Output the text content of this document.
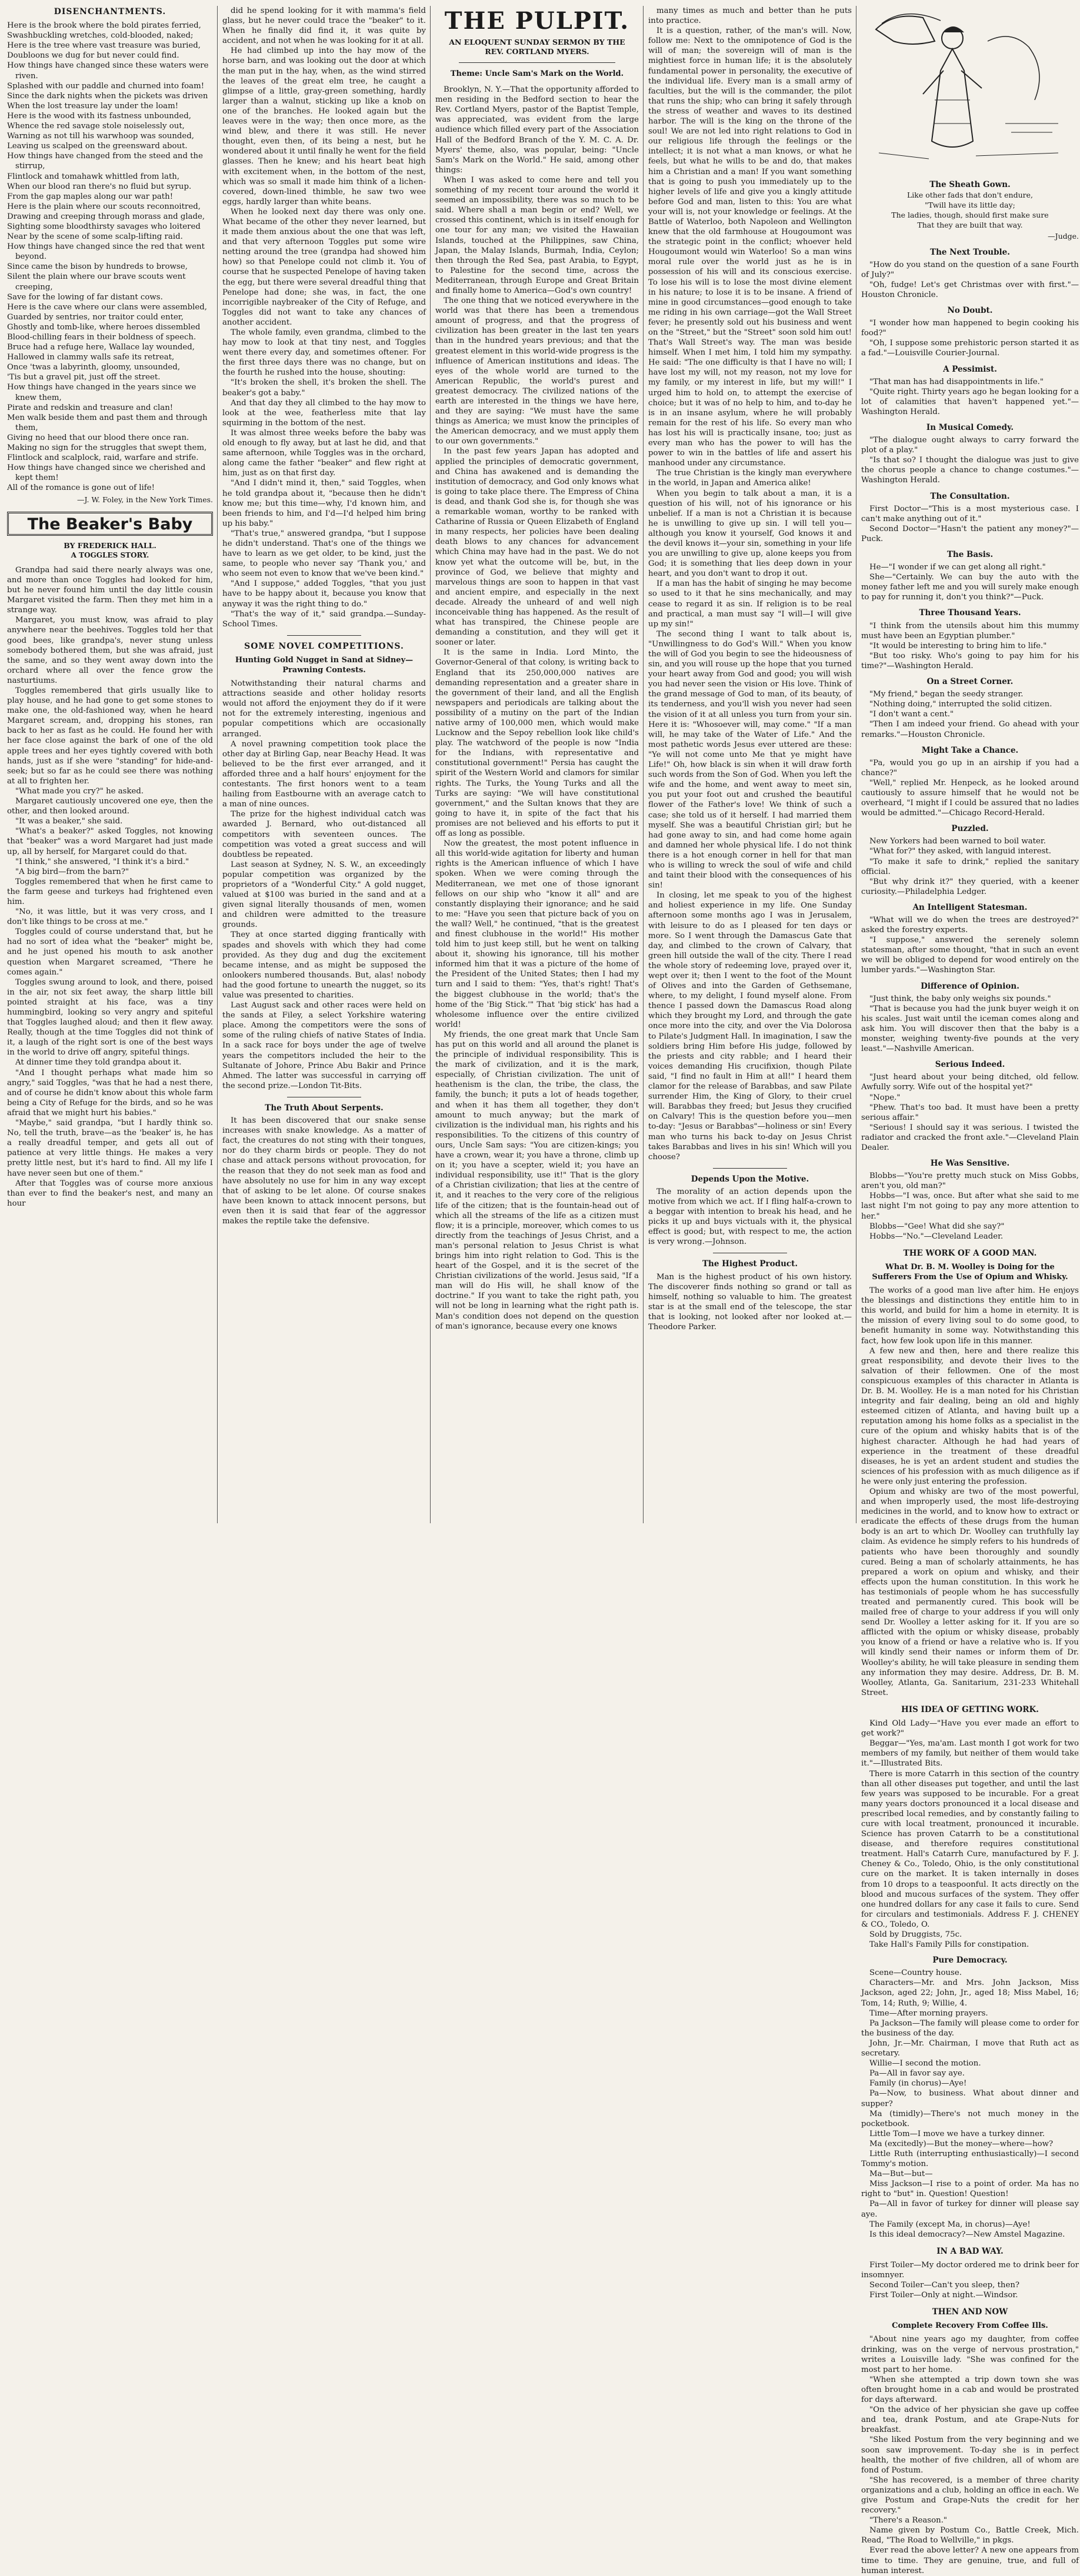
DISENCHANTMENTS.

Here is the brook where the bold pirates ferried,

Swashbuckling wretches, cold-blooded, naked;

Here is the tree where vast treasure was buried,

Doubloons we dug for but never could find.

How things have changed since these waters were riven.

Splashed with our paddle and churned into foam!

Since the dark nights when the pickets was driven

When the lost treasure lay under the loam!

Here is the wood with its fastness unbounded,

Whence the red savage stole noiselessly out,

Warning as not till his warwhoop was sounded,

Leaving us scalped on the greensward about.

How things have changed from the steed and the stirrup,

Flintlock and tomahawk whittled from lath,

When our blood ran there's no fluid but syrup.

From the gap maples along our war path!

Here is the plain where our scouts reconnoitred,

Drawing and creeping through morass and glade,

Sighting some bloodthirsty savages who loitered

Near by the scene of some scalp-lifting raid.

How things have changed since the red that went beyond.

Since came the bison by hundreds to browse,

Silent the plain where our brave scouts went creeping,

Save for the lowing of far distant cows.

Here is the cave where our clans were assembled,

Guarded by sentries, nor traitor could enter,

Ghostly and tomb-like, where heroes dissembled

Blood-chilling fears in their boldness of speech.

Bruce had a refuge here, Wallace lay wounded,

Hallowed in clammy walls safe its retreat,

Once 'twas a labyrinth, gloomy, unsounded,

'Tis but a gravel pit, just off the street.

How things have changed in the years since we knew them,

Pirate and redskin and treasure and clan!

Men walk beside them and past them and through them,

Giving no heed that our blood there once ran.

Making no sign for the struggles that swept them,

Flintlock and scalplock, raid, warfare and strife.

How things have changed since we cherished and kept them!

All of the romance is gone out of life!

—J. W. Foley, in the New York Times.
The Beaker's Baby
BY FREDERICK HALL.
A TOGGLES STORY.

Grandpa had said there nearly always was one, and more than once Toggles had looked for him, but he never found him until the day little cousin Margaret visited the farm. Then they met him in a strange way.

Margaret, you must know, was afraid to play anywhere near the beehives. Toggles told her that good bees, like grandpa's, never stung unless somebody bothered them, but she was afraid, just the same, and so they went away down into the orchard where all over the fence grow the nasturtiums.

Toggles remembered that girls usually like to play house, and he had gone to get some stones to make one, the old-fashioned way, when he heard Margaret scream, and, dropping his stones, ran back to her as fast as he could. He found her with her face close against the bark of one of the old apple trees and her eyes tightly covered with both hands, just as if she were "standing" for hide-and-seek; but so far as he could see there was nothing at all to frighten her.

"What made you cry?" he asked.

Margaret cautiously uncovered one eye, then the other, and then looked around.

"It was a beaker," she said.

"What's a beaker?" asked Toggles, not knowing that "beaker" was a word Margaret had just made up, all by herself, for Margaret could do that.

"I think," she answered, "I think it's a bird."

"A big bird—from the barn?"

Toggles remembered that when he first came to the farm geese and turkeys had frightened even him.

"No, it was little, but it was very cross, and I don't like things to be cross at me."

Toggles could of course understand that, but he had no sort of idea what the "beaker" might be, and he just opened his mouth to ask another question when Margaret screamed, "There he comes again."

Toggles swung around to look, and there, poised in the air, not six feet away, the sharp little bill pointed straight at his face, was a tiny hummingbird, looking so very angry and spiteful that Toggles laughed aloud; and then it flew away. Really, though at the time Toggles did not think of it, a laugh of the right sort is one of the best ways in the world to drive off angry, spiteful things.

At dinner time they told grandpa about it.

"And I thought perhaps what made him so angry," said Toggles, "was that he had a nest there, and of course he didn't know about this whole farm being a City of Refuge for the birds, and so he was afraid that we might hurt his babies."

"Maybe," said grandpa, "but I hardly think so. No, tell the truth, brave—as the 'beaker' is, he has a really dreadful temper, and gets all out of patience at very little things. He makes a very pretty little nest, but it's hard to find. All my life I have never seen but one of them."

After that Toggles was of course more anxious than ever to find the beaker's nest, and many an hour

did he spend looking for it with mamma's field glass, but he never could trace the "beaker" to it. When he finally did find it, it was quite by accident, and not when he was looking for it at all.

He had climbed up into the hay mow of the horse barn, and was looking out the door at which the man put in the hay, when, as the wind stirred the leaves of the great elm tree, he caught a glimpse of a little, gray-green something, hardly larger than a walnut, sticking up like a knob on one of the branches. He looked again but the leaves were in the way; then once more, as the wind blew, and there it was still. He never thought, even then, of its being a nest, but he wondered about it until finally he went for the field glasses. Then he knew; and his heart beat high with excitement when, in the bottom of the nest, which was so small it made him think of a lichen-covered, down-lined thimble, he saw two wee eggs, hardly larger than white beans.

When he looked next day there was only one. What became of the other they never learned, but it made them anxious about the one that was left, and that very afternoon Toggles put some wire netting around the tree (grandpa had showed him how) so that Penelope could not climb it. You of course that he suspected Penelope of having taken the egg, but there were several dreadful thing that Penelope had done; she was, in fact, the one incorrigible naybreaker of the City of Refuge, and Toggles did not want to take any chances of another accident.

The whole family, even grandma, climbed to the hay mow to look at that tiny nest, and Toggles went there every day, and sometimes oftener. For the first three days there was no change, but on the fourth he rushed into the house, shouting:

"It's broken the shell, it's broken the shell. The beaker's got a baby."

And that day they all climbed to the hay mow to look at the wee, featherless mite that lay squirming in the bottom of the nest.

It was almost three weeks before the baby was old enough to fly away, but at last he did, and that same afternoon, while Toggles was in the orchard, along came the father "beaker" and flew right at him, just as on that first day.

"And I didn't mind it, then," said Toggles, when he told grandpa about it, "because then he didn't know me; but this time—why, I'd known him, and been friends to him, and I'd—I'd helped him bring up his baby."

"That's true," answered grandpa, "but I suppose he didn't understand. That's one of the things we have to learn as we get older, to be kind, just the same, to people who never say 'Thank you,' and who seem not even to know that we've been kind."

"And I suppose," added Toggles, "that you just have to be happy about it, because you know that anyway it was the right thing to do."

"That's the way of it," said grandpa.—Sunday-School Times.

SOME NOVEL COMPETITIONS.
Hunting Gold Nugget in Sand at Sidney—Prawning Contests.

Notwithstanding their natural charms and attractions seaside and other holiday resorts would not afford the enjoyment they do if it were not for the extremely interesting, ingenious and popular competitions which are occasionally arranged.

A novel prawning competition took place the other day at Birling Gap, near Beachy Head. It was believed to be the first ever arranged, and it afforded three and a half hours' enjoyment for the contestants. The first honors went to a team hailing from Eastbourne with an average catch to a man of nine ounces.

The prize for the highest individual catch was awarded J. Bernard, who out-distanced all competitors with seventeen ounces. The competition was voted a great success and will doubtless be repeated.

Last season at Sydney, N. S. W., an exceedingly popular competition was organized by the proprietors of a "Wonderful City." A gold nugget, valued at $100 was buried in the sand and at a given signal literally thousands of men, women and children were admitted to the treasure grounds.

They at once started digging frantically with spades and shovels with which they had come provided. As they dug and dug the excitement became intense, and as might be supposed the onlookers numbered thousands. But, alas! nobody had the good fortune to unearth the nugget, so its value was presented to charities.

Last August sack and other races were held on the sands at Filey, a select Yorkshire watering place. Among the competitors were the sons of some of the ruling chiefs of native States of India. In a sack race for boys under the age of twelve years the competitors included the heir to the Sultanate of Johore, Prince Abu Bakir and Prince Ahmed. The latter was successful in carrying off the second prize.—London Tit-Bits.

The Truth About Serpents.

It has been discovered that our snake sense increases with snake knowledge. As a matter of fact, the creatures do not sting with their tongues, nor do they charm birds or people. They do not chase and attack persons without provocation, for the reason that they do not seek man as food and have absolutely no use for him in any way except that of asking to be let alone. Of course snakes have been known to attack innocent persons, but even then it is said that fear of the aggressor makes the reptile take the defensive.

THE PULPIT.
AN ELOQUENT SUNDAY SERMON BY THE REV. CORTLAND MYERS.
Theme: Uncle Sam's Mark on the World.

Brooklyn, N. Y.—That the opportunity afforded to men residing in the Bedford section to hear the Rev. Cortland Myers, pastor of the Baptist Temple, was appreciated, was evident from the large audience which filled every part of the Association Hall of the Bedford Branch of the Y. M. C. A. Dr. Myers' theme, also, was popular, being: "Uncle Sam's Mark on the World." He said, among other things:

When I was asked to come here and tell you something of my recent tour around the world it seemed an impossibility, there was so much to be said. Where shall a man begin or end? Well, we crossed this continent, which is in itself enough for one tour for any man; we visited the Hawaiian Islands, touched at the Philippines, saw China, Japan, the Malay Islands, Burmah, India, Ceylon; then through the Red Sea, past Arabia, to Egypt, to Palestine for the second time, across the Mediterranean, through Europe and Great Britain and finally home to America—God's own country!

The one thing that we noticed everywhere in the world was that there has been a tremendous amount of progress, and that the progress of civilization has been greater in the last ten years than in the hundred years previous; and that the greatest element in this world-wide progress is the influence of American institutions and ideas. The eyes of the whole world are turned to the American Republic, the world's purest and greatest democracy. The civilized nations of the earth are interested in the things we have here, and they are saying: "We must have the same things as America; we must know the principles of the American democracy, and we must apply them to our own governments."

In the past few years Japan has adopted and applied the principles of democratic government, and China has awakened and is demanding the institution of democracy, and God only knows what is going to take place there. The Empress of China is dead, and thank God she is, for though she was a remarkable woman, worthy to be ranked with Catharine of Russia or Queen Elizabeth of England in many respects, her policies have been dealing death blows to any chances for advancement which China may have had in the past. We do not know yet what the outcome will be, but, in the province of God, we believe that mighty and marvelous things are soon to happen in that vast and ancient empire, and especially in the next decade. Already the unheard of and well nigh inconceivable thing has happened. As the result of what has transpired, the Chinese people are demanding a constitution, and they will get it sooner or later.

It is the same in India. Lord Minto, the Governor-General of that colony, is writing back to England that its 250,000,000 natives are demanding representation and a greater share in the government of their land, and all the English newspapers and periodicals are talking about the possibility of a mutiny on the part of the Indian native army of 100,000 men, which would make Lucknow and the Sepoy rebellion look like child's play. The watchword of the people is now "India for the Indians, with representative and constitutional government!" Persia has caught the spirit of the Western World and clamors for similar rights. The Turks, the Young Turks and all the Turks are saying: "We will have constitutional government," and the Sultan knows that they are going to have it, in spite of the fact that his promises are not believed and his efforts to put it off as long as possible.

Now the greatest, the most potent influence in all this world-wide agitation for liberty and human rights is the American influence of which I have spoken. When we were coming through the Mediterranean, we met one of those ignorant fellows on our ship who "know it all" and are constantly displaying their ignorance; and he said to me: "Have you seen that picture back of you on the wall? Well," he continued, "that is the greatest and finest clubhouse in the world!" His mother told him to just keep still, but he went on talking about it, showing his ignorance, till his mother informed him that it was a picture of the home of the President of the United States; then I had my turn and I said to them: "Yes, that's right! That's the biggest clubhouse in the world; that's the home of the 'Big Stick.'" That 'big stick' has had a wholesome influence over the entire civilized world!

My friends, the one great mark that Uncle Sam has put on this world and all around the planet is the principle of individual responsibility. This is the mark of civilization, and it is the mark, especially, of Christian civilization. The unit of heathenism is the clan, the tribe, the class, the family, the bunch; it puts a lot of heads together, and when it has them all together, they don't amount to much anyway; but the mark of civilization is the individual man, his rights and his responsibilities. To the citizens of this country of ours, Uncle Sam says: "You are citizen-kings; you have a crown, wear it; you have a throne, climb up on it; you have a scepter, wield it; you have an individual responsibility, use it!" That is the glory of a Christian civilization; that lies at the centre of it, and it reaches to the very core of the religious life of the citizen; that is the fountain-head out of which all the streams of the life as a citizen must flow; it is a principle, moreover, which comes to us directly from the teachings of Jesus Christ, and a man's personal relation to Jesus Christ is what brings him into right relation to God. This is the heart of the Gospel, and it is the secret of the Christian civilizations of the world. Jesus said, "If a man will do His will, he shall know of the doctrine." If you want to take the right path, you will not be long in learning what the right path is. Man's condition does not depend on the question of man's ignorance, because every one knows

many times as much and better than he puts into practice.

It is a question, rather, of the man's will. Now, follow me: Next to the omnipotence of God is the will of man; the sovereign will of man is the mightiest force in human life; it is the absolutely fundamental power in personality, the executive of the individual life. Every man is a small army of faculties, but the will is the commander, the pilot that runs the ship; who can bring it safely through the stress of weather and waves to its destined harbor. The will is the king on the throne of the soul! We are not led into right relations to God in our religious life through the feelings or the intellect; it is not what a man knows, or what he feels, but what he wills to be and do, that makes him a Christian and a man! If you want something that is going to push you immediately up to the higher levels of life and give you a kingly attitude before God and man, listen to this: You are what your will is, not your knowledge or feelings. At the Battle of Waterloo, both Napoleon and Wellington knew that the old farmhouse at Hougoumont was the strategic point in the conflict; whoever held Hougoumont would win Waterloo! So a man wins moral rule over the world just as he is in possession of his will and its conscious exercise. To lose his will is to lose the most divine element in his nature; to lose it is to be insane. A friend of mine in good circumstances—good enough to take me riding in his own carriage—got the Wall Street fever; he presently sold out his business and went on the "Street," but the "Street" soon sold him out! That's Wall Street's way. The man was beside himself. When I met him, I told him my sympathy. He said: "The one difficulty is that I have no will; I have lost my will, not my reason, not my love for my family, or my interest in life, but my will!" I urged him to hold on, to attempt the exercise of choice; but it was of no help to him, and to-day he is in an insane asylum, where he will probably remain for the rest of his life. So every man who has lost his will is practically insane, too; just as every man who has the power to will has the power to win in the battles of life and assert his manhood under any circumstance.

The true Christian is the kingly man everywhere in the world, in Japan and America alike!

When you begin to talk about a man, it is a question of his will, not of his ignorance or his unbelief. If a man is not a Christian it is because he is unwilling to give up sin. I will tell you—although you know it yourself, God knows it and the devil knows it—your sin, something in your life you are unwilling to give up, alone keeps you from God; it is something that lies deep down in your heart, and you don't want to drop it out.

If a man has the habit of singing he may become so used to it that he sins mechanically, and may cease to regard it as sin. If religion is to be real and practical, a man must say "I will—I will give up my sin!"

The second thing I want to talk about is, "Unwillingness to do God's Will." When you know the will of God you begin to see the hideousness of sin, and you will rouse up the hope that you turned your heart away from God and good; you will wish you had never seen the vision or His love. Think of the grand message of God to man, of its beauty, of its tenderness, and you'll wish you never had seen the vision of it at all unless you turn from your sin. Here it is: "Whosoever will, may come." "If a man will, he may take of the Water of Life." And the most pathetic words Jesus ever uttered are these: "Ye will not come unto Me that ye might have Life!" Oh, how black is sin when it will draw forth such words from the Son of God. When you left the wife and the home, and went away to meet sin, you put your foot out and crushed the beautiful flower of the Father's love! We think of such a case; she told us of it herself. I had married them myself. She was a beautiful Christian girl; but he had gone away to sin, and had come home again and damned her whole physical life. I do not think there is a hot enough corner in hell for that man who is willing to wreck the soul of wife and child and taint their blood with the consequences of his sin!

In closing, let me speak to you of the highest and holiest experience in my life. One Sunday afternoon some months ago I was in Jerusalem, with leisure to do as I pleased for ten days or more. So I went through the Damascus Gate that day, and climbed to the crown of Calvary, that green hill outside the wall of the city. There I read the whole story of redeeming love, prayed over it, wept over it; then I went to the foot of the Mount of Olives and into the Garden of Gethsemane, where, to my delight, I found myself alone. From thence I passed down the Damascus Road along which they brought my Lord, and through the gate once more into the city, and over the Via Dolorosa to Pilate's Judgment Hall. In imagination, I saw the soldiers bring Him before His judge, followed by the priests and city rabble; and I heard their voices demanding His crucifixion, though Pilate said, "I find no fault in Him at all!" I heard them clamor for the release of Barabbas, and saw Pilate surrender Him, the King of Glory, to their cruel will. Barabbas they freed; but Jesus they crucified on Calvary! This is the question before you—men to-day: "Jesus or Barabbas"—holiness or sin! Every man who turns his back to-day on Jesus Christ takes Barabbas and lives in his sin! Which will you choose?

Depends Upon the Motive.

The morality of an action depends upon the motive from which we act. If I fling half-a-crown to a beggar with intention to break his head, and he picks it up and buys victuals with it, the physical effect is good; but, with respect to me, the action is very wrong.—Johnson.

The Highest Product.

Man is the highest product of his own history. The discoverer finds nothing so grand or tall as himself, nothing so valuable to him. The greatest star is at the small end of the telescope, the star that is looking, not looked after nor looked at.—Theodore Parker.

The Sheath Gown.

Like other fads that don't endure,

"Twill have its little day;

The ladies, though, should first make sure

That they are built that way.

—Judge.
The Next Trouble.

"How do you stand on the question of a sane Fourth of July?"

"Oh, fudge! Let's get Christmas over with first."—Houston Chronicle.

No Doubt.

"I wonder how man happened to begin cooking his food?"

"Oh, I suppose some prehistoric person started it as a fad."—Louisville Courier-Journal.

A Pessimist.

"That man has had disappointments in life."

"Quite right. Thirty years ago he began looking for a lot of calamities that haven't happened yet."—Washington Herald.

In Musical Comedy.

"The dialogue ought always to carry forward the plot of a play."

"Is that so? I thought the dialogue was just to give the chorus people a chance to change costumes."—Washington Herald.

The Consultation.

First Doctor—"This is a most mysterious case. I can't make anything out of it."

Second Doctor—"Hasn't the patient any money?"—Puck.

The Basis.

He—"I wonder if we can get along all right."

She—"Certainly. We can buy the auto with the money father left me and you will surely make enough to pay for running it, don't you think?"—Puck.

Three Thousand Years.

"I think from the utensils about him this mummy must have been an Egyptian plumber."

"It would be interesting to bring him to life."

"But too risky. Who's going to pay him for his time?"—Washington Herald.

On a Street Corner.

"My friend," began the seedy stranger.

"Nothing doing," interrupted the solid citizen.

"I don't want a cent."

"Then I am indeed your friend. Go ahead with your remarks."—Houston Chronicle.

Might Take a Chance.

"Pa, would you go up in an airship if you had a chance?"

"Well," replied Mr. Henpeck, as he looked around cautiously to assure himself that he would not be overheard, "I might if I could be assured that no ladies would be admitted."—Chicago Record-Herald.

Puzzled.

New Yorkers had been warned to boil water.

"What for?" they asked, with languid interest.

"To make it safe to drink," replied the sanitary official.

"But why drink it?" they queried, with a keener curiosity.—Philadelphia Ledger.

An Intelligent Statesman.

"What will we do when the trees are destroyed?" asked the forestry experts.

"I suppose," answered the serenely solemn statesman, after some thought, "that in such an event we will be obliged to depend for wood entirely on the lumber yards."—Washington Star.

Difference of Opinion.

"Just think, the baby only weighs six pounds."

"That is because you had the junk buyer weigh it on his scales. Just wait until the iceman comes along and ask him. You will discover then that the baby is a monster, weighing twenty-five pounds at the very least."—Nashville American.

Serious Indeed.

"Just heard about your being ditched, old fellow. Awfully sorry. Wife out of the hospital yet?"

"Nope."

"Phew. That's too bad. It must have been a pretty serious affair."

"Serious! I should say it was serious. I twisted the radiator and cracked the front axle."—Cleveland Plain Dealer.

He Was Sensitive.

Blobbs—"You're pretty much stuck on Miss Gobbs, aren't you, old man?"

Hobbs—"I was, once. But after what she said to me last night I'm not going to pay any more attention to her."

Blobbs—"Gee! What did she say?"

Hobbs—"No."—Cleveland Leader.

THE WORK OF A GOOD MAN.
What Dr. B. M. Woolley is Doing for the Sufferers From the Use of Opium and Whisky.

The works of a good man live after him. He enjoys the blessings and distinctions they entitle him to in this world, and build for him a home in eternity. It is the mission of every living soul to do some good, to benefit humanity in some way. Notwithstanding this fact, how few look upon life in this manner.

A few new and then, here and there realize this great responsibility, and devote their lives to the salvation of their fellowmen. One of the most conspicuous examples of this character in Atlanta is Dr. B. M. Woolley. He is a man noted for his Christian integrity and fair dealing, being an old and highly esteemed citizen of Atlanta, and having built up a reputation among his home folks as a specialist in the cure of the opium and whisky habits that is of the highest character. Although he had had years of experience in the treatment of these dreadful diseases, he is yet an ardent student and studies the sciences of his profession with as much diligence as if he were only just entering the profession.

Opium and whisky are two of the most powerful, and when improperly used, the most life-destroying medicines in the world, and to know how to extract or eradicate the effects of these drugs from the human body is an art to which Dr. Woolley can truthfully lay claim. As evidence he simply refers to his hundreds of patients who have been thoroughly and soundly cured. Being a man of scholarly attainments, he has prepared a work on opium and whisky, and their effects upon the human constitution. In this work he has testimonials of people whom he has successfully treated and permanently cured. This book will be mailed free of charge to your address if you will only send Dr. Woolley a letter asking for it. If you are so afflicted with the opium or whisky disease, probably you know of a friend or have a relative who is. If you will kindly send their names or inform them of Dr. Woolley's ability, he will take pleasure in sending them any information they may desire. Address, Dr. B. M. Woolley, Atlanta, Ga. Sanitarium, 231-233 Whitehall Street.

HIS IDEA OF GETTING WORK.

Kind Old Lady—"Have you ever made an effort to get work?"

Beggar—"Yes, ma'am. Last month I got work for two members of my family, but neither of them would take it."—Illustrated Bits.

There is more Catarrh in this section of the country than all other diseases put together, and until the last few years was supposed to be incurable. For a great many years doctors pronounced it a local disease and prescribed local remedies, and by constantly failing to cure with local treatment, pronounced it incurable. Science has proven Catarrh to be a constitutional disease, and therefore requires constitutional treatment. Hall's Catarrh Cure, manufactured by F. J. Cheney & Co., Toledo, Ohio, is the only constitutional cure on the market. It is taken internally in doses from 10 drops to a teaspoonful. It acts directly on the blood and mucous surfaces of the system. They offer one hundred dollars for any case it fails to cure. Send for circulars and testimonials. Address F. J. CHENEY & CO., Toledo, O.

Sold by Druggists, 75c.

Take Hall's Family Pills for constipation.

Pure Democracy.

Scene—Country house.

Characters—Mr. and Mrs. John Jackson, Miss Jackson, aged 22; John, Jr., aged 18; Miss Mabel, 16; Tom, 14; Ruth, 9; Willie, 4.

Time—After morning prayers.

Pa Jackson—The family will please come to order for the business of the day.

John, Jr.—Mr. Chairman, I move that Ruth act as secretary.

Willie—I second the motion.

Pa—All in favor say aye.

Family (in chorus)—Aye!

Pa—Now, to business. What about dinner and supper?

Ma (timidly)—There's not much money in the pocketbook.

Little Tom—I move we have a turkey dinner.

Ma (excitedly)—But the money—where—how?

Little Ruth (interrupting enthusiastically)—I second Tommy's motion.

Ma—But—but—

Miss Jackson—I rise to a point of order. Ma has no right to "but" in. Question! Question!

Pa—All in favor of turkey for dinner will please say aye.

The Family (except Ma, in chorus)—Aye!

Is this ideal democracy?—New Amstel Magazine.

IN A BAD WAY.

First Toiler—My doctor ordered me to drink beer for insomnyer.

Second Toiler—Can't you sleep, then?

First Toiler—Only at night.—Windsor.

THEN AND NOW
Complete Recovery From Coffee Ills.

"About nine years ago my daughter, from coffee drinking, was on the verge of nervous prostration," writes a Louisville lady. "She was confined for the most part to her home.

"When she attempted a trip down town she was often brought home in a cab and would be prostrated for days afterward.

"On the advice of her physician she gave up coffee and tea, drank Postum, and ate Grape-Nuts for breakfast.

"She liked Postum from the very beginning and we soon saw improvement. To-day she is in perfect health, the mother of five children, all of whom are fond of Postum.

"She has recovered, is a member of three charity organizations and a club, holding an office in each. We give Postum and Grape-Nuts the credit for her recovery."

"There's a Reason."

Name given by Postum Co., Battle Creek, Mich. Read, "The Road to Wellville," in pkgs.

Ever read the above letter? A new one appears from time to time. They are genuine, true, and full of human interest.
